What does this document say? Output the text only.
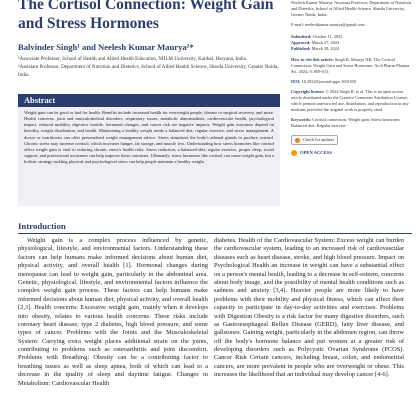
The Cortisol Connection: Weight Gain and Stress Hormones

Balvinder Singh¹ and Neelesh Kumar Maurya²*

¹Associate Professor, School of Health and Allied Health Education, NIILM University, Kaithal, Haryana, India

²Assistant Professor, Department of Nutrition and Dietetics, School of Allied Health Science, Sharda University, Greater Noida, India

Abstract

Weight gain can be good or bad for health. Benefits include increased health for overweight people, disease or surgical recovery, and more. Health concerns, joint and musculoskeletal disorders, respiratory issues, metabolic abnormalities, cardiovascular health, psychological impact, reduced mobility, digestive trouble, hormonal changes, and cancer risk are negative impacts. Weight gain outcomes depend on heredity, weight distribution, and health. Maintaining a healthy weight needs a balanced diet, regular exercise, and stress management. A doctor or nutritionist can offer personalised weight management advice. Stress stimulates the body's adrenal glands to produce cortisol. Chronic stress may increase cortisol, which increases hunger, fat storage, and muscle loss. Understanding how stress hormones like cortisol affect weight gain is vital to reducing chronic stress's health risks. Stress reduction, a balanced diet, regular exercise, proper sleep, social support, and professional assistance can help improve these outcomes. Ultimately, stress hormones like cortisol can cause weight gain, but a holistic strategy tackling physical and psychological stress can help people maintain a healthy weight.

Neelesh Kumar Maurya, Assistant Professor, Department of Nutrition and Dietetics, School of Allied Health Science, Sharda University, Greater Noida, India.

E-mail: neeleshkumar.maurya@gmail.com

Submitted: October 11, 2023
Approved: March 27, 2024
Published: March 28, 2024

How to cite this article: Singh B, Maurya NK. The Cortisol Connection: Weight Gain and Stress Hormones. Arch Pharm Pharma Sci. 2024; 8: 009-015.

DOI: 10.29328/journal.apps.1001050

Copyright license: © 2024 Singh B, et al. This is an open access article distributed under the Creative Commons Attribution License, which permits unrestricted use, distribution, and reproduction in any medium, provided the original work is properly cited.

Keywords: Cortisol connection; Weight gain; Stress hormones; Balanced diet; Regular exercise

Check for updates
OPEN ACCESS
Introduction

Weight gain is a complex process influenced by genetic, physiological, lifestyle, and environmental factors. Understanding these factors can help humans make informed decisions about human diet, physical activity, and overall health [1]. Hormonal changes during menopause can lead to weight gain, particularly in the abdominal area. Genetic, physiological, lifestyle, and environmental factors influence the complex weight gain process. These factors can help humans make informed decisions about human diet, physical activity, and overall health [2,3]. Health concerns: Excessive weight gain, mainly when it develops into obesity, relates to various health concerns. These risks include coronary heart disease, type 2 diabetes, high blood pressure, and some types of cancer. Problems with the Joints and the Musculoskeletal System: Carrying extra weight places additional strain on the joints, contributing to problems such as osteoarthritis and joint discomfort. Problems with Breathing: Obesity can be a contributing factor to breathing issues as well as sleep apnea, both of which can lead to a decrease in the quality of sleep and daytime fatigue. Changes in Metabolism: Cardiovascular Health

diabetes. Health of the Cardiovascular System: Excess weight can burden the cardiovascular system, leading to an increased risk of cardiovascular diseases such as heart disease, stroke, and high blood pressure. Impact on Psychological Health an increase in weight can have a substantial effect on a person's mental health, leading to a decrease in self-esteem, concerns about body image, and the possibility of mental health conditions such as sadness and anxiety [3,4]. Heavier people are more likely to have problems with their mobility and physical fitness, which can affect their capacity to participate in day-to-day activities and exercises. Problems with Digestion Obesity is a risk factor for many digestive disorders, such as Gastroesophageal Reflux Disease (GERD), fatty liver disease, and gallstones. Gaining weight, particularly in the abdomen region, can throw off the body's hormone balance and put women at a greater risk of developing disorders such as Polycystic Ovarian Syndrome (PCOS). Cancer Risk Certain cancers, including breast, colon, and endometrial cancers, are more prevalent in people who are overweight or obese. This increases the likelihood that an individual may develop cancer [4-6].
